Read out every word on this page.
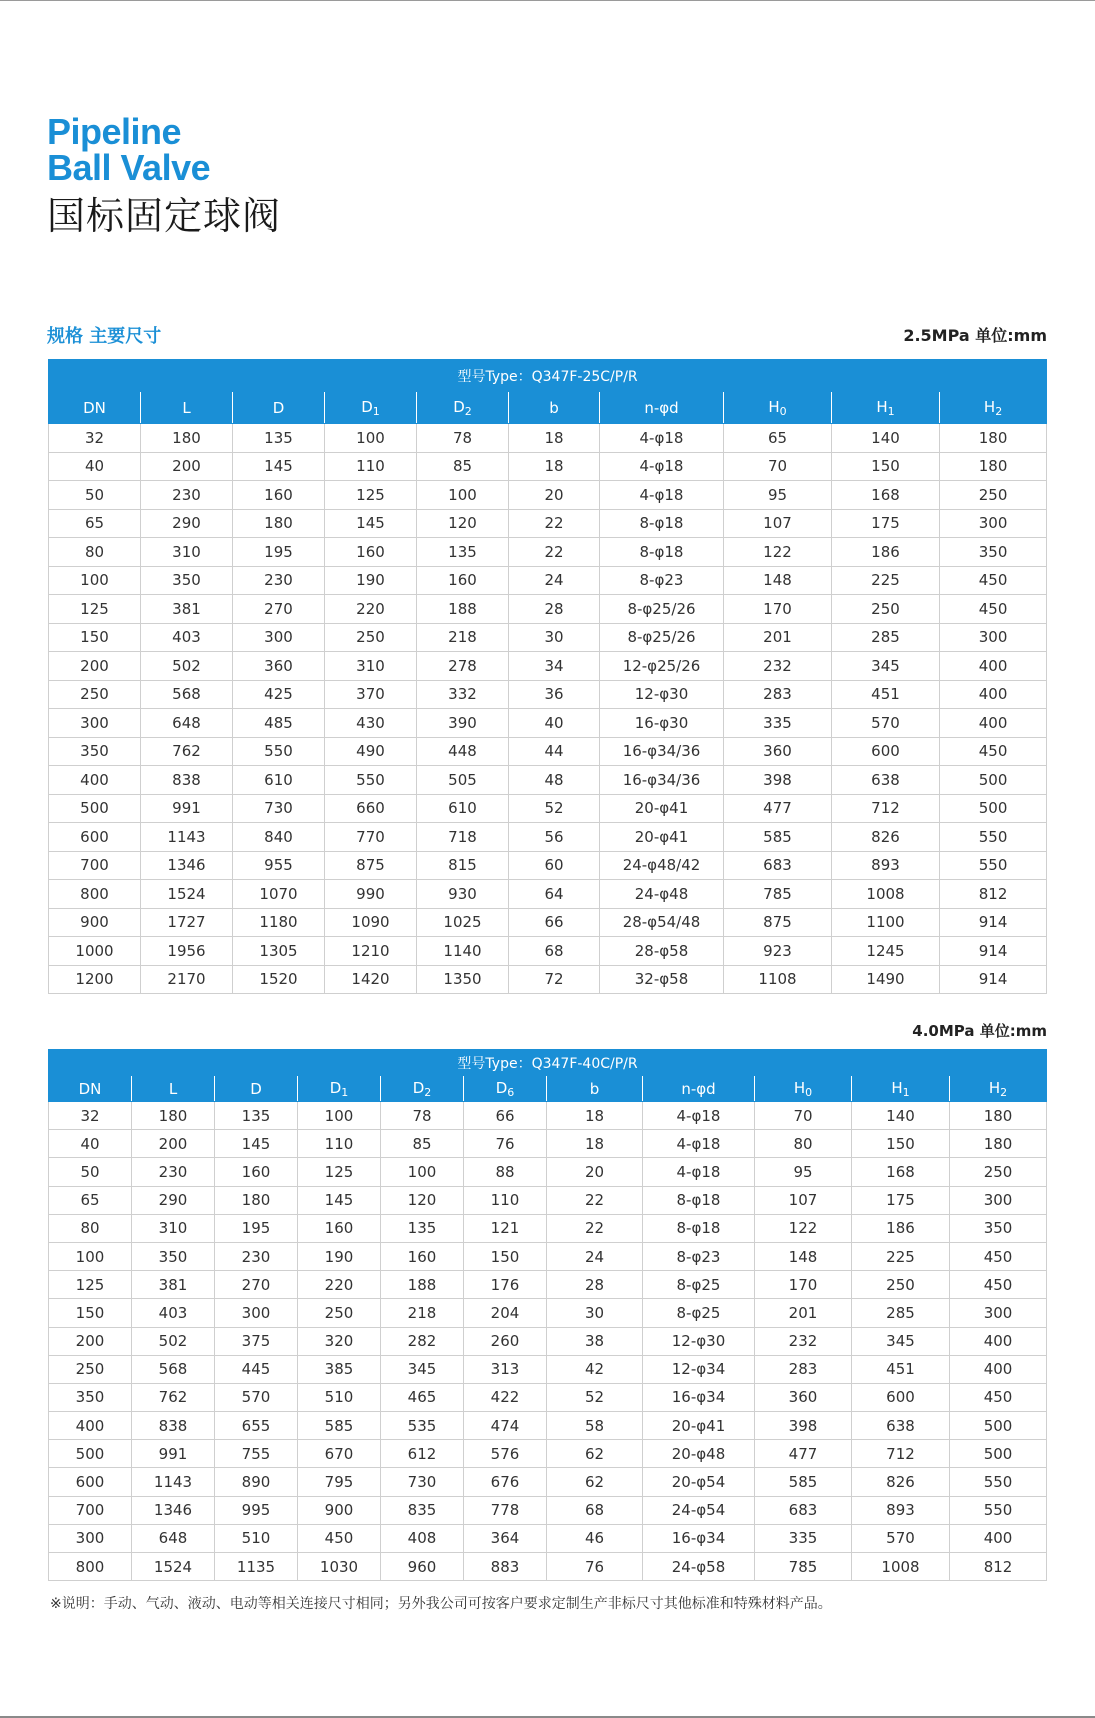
Pipeline
Ball Valve
国标固定球阀
规格 主要尺寸	2.5MPa 单位:mm
型号Type：Q347F-25C/P/R									
DN	L	D	$D_1$	$D_2$	b	n-φd	$H_0$	$H_1$	$H_2$
32	180	135	100	78	18	4-φ18	65	140	180
40	200	145	110	85	18	4-φ18	70	150	180
50	230	160	125	100	20	4-φ18	95	168	250
65	290	180	145	120	22	8-φ18	107	175	300
80	310	195	160	135	22	8-φ18	122	186	350
100	350	230	190	160	24	8-φ23	148	225	450
125	381	270	220	188	28	8-φ25/26	170	250	450
150	403	300	250	218	30	8-φ25/26	201	285	300
200	502	360	310	278	34	12-φ25/26	232	345	400
250	568	425	370	332	36	12-φ30	283	451	400
300	648	485	430	390	40	16-φ30	335	570	400
350	762	550	490	448	44	16-φ34/36	360	600	450
400	838	610	550	505	48	16-φ34/36	398	638	500
500	991	730	660	610	52	20-φ41	477	712	500
600	1143	840	770	718	56	20-φ41	585	826	550
700	1346	955	875	815	60	24-φ48/42	683	893	550
800	1524	1070	990	930	64	24-φ48	785	1008	812
900	1727	1180	1090	1025	66	28-φ54/48	875	1100	914
1000	1956	1305	1210	1140	68	28-φ58	923	1245	914
1200	2170	1520	1420	1350	72	32-φ58	1108	1490	914
4.0MPa 单位:mm
型号Type：Q347F-40C/P/R										
DN	L	D	$D_1$	$D_2$	$D_6$	b	n-φd	$H_0$	$H_1$	$H_2$
32	180	135	100	78	66	18	4-φ18	70	140	180
40	200	145	110	85	76	18	4-φ18	80	150	180
50	230	160	125	100	88	20	4-φ18	95	168	250
65	290	180	145	120	110	22	8-φ18	107	175	300
80	310	195	160	135	121	22	8-φ18	122	186	350
100	350	230	190	160	150	24	8-φ23	148	225	450
125	381	270	220	188	176	28	8-φ25	170	250	450
150	403	300	250	218	204	30	8-φ25	201	285	300
200	502	375	320	282	260	38	12-φ30	232	345	400
250	568	445	385	345	313	42	12-φ34	283	451	400
350	762	570	510	465	422	52	16-φ34	360	600	450
400	838	655	585	535	474	58	20-φ41	398	638	500
500	991	755	670	612	576	62	20-φ48	477	712	500
600	1143	890	795	730	676	62	20-φ54	585	826	550
700	1346	995	900	835	778	68	24-φ54	683	893	550
300	648	510	450	408	364	46	16-φ34	335	570	400
800	1524	1135	1030	960	883	76	24-φ58	785	1008	812
※说明：手动、气动、液动、电动等相关连接尺寸相同；另外我公司可按客户要求定制生产非标尺寸其他标准和特殊材料产品。
